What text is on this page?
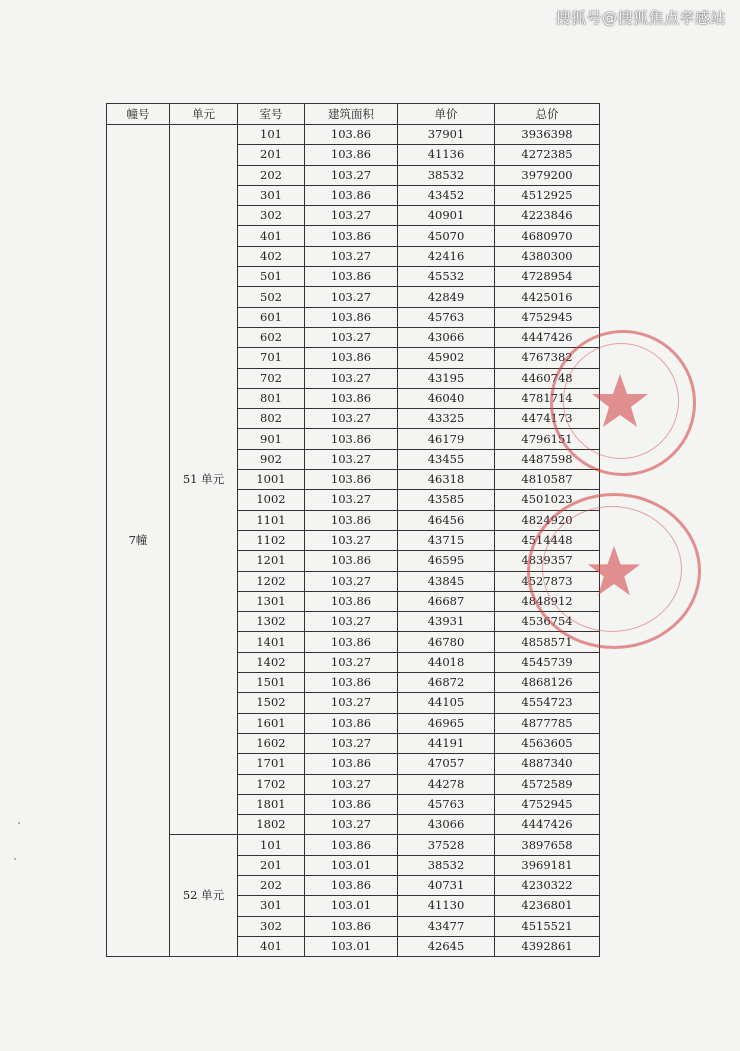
搜狐号@搜狐焦点孝感站
幢号	单元	室号	建筑面积	单价	总价
7幢	51 单元	101	103.86	37901	3936398
		201	103.86	41136	4272385
		202	103.27	38532	3979200
		301	103.86	43452	4512925
		302	103.27	40901	4223846
		401	103.86	45070	4680970
		402	103.27	42416	4380300
		501	103.86	45532	4728954
		502	103.27	42849	4425016
		601	103.86	45763	4752945
		602	103.27	43066	4447426
		701	103.86	45902	4767382
		702	103.27	43195	4460748
		801	103.86	46040	4781714
		802	103.27	43325	4474173
		901	103.86	46179	4796151
		902	103.27	43455	4487598
		1001	103.86	46318	4810587
		1002	103.27	43585	4501023
		1101	103.86	46456	4824920
		1102	103.27	43715	4514448
		1201	103.86	46595	4839357
		1202	103.27	43845	4527873
		1301	103.86	46687	4848912
		1302	103.27	43931	4536754
		1401	103.86	46780	4858571
		1402	103.27	44018	4545739
		1501	103.86	46872	4868126
		1502	103.27	44105	4554723
		1601	103.86	46965	4877785
		1602	103.27	44191	4563605
		1701	103.86	47057	4887340
		1702	103.27	44278	4572589
		1801	103.86	45763	4752945
		1802	103.27	43066	4447426
	52 单元	101	103.86	37528	3897658
		201	103.01	38532	3969181
		202	103.86	40731	4230322
		301	103.01	41130	4236801
		302	103.86	43477	4515521
		401	103.01	42645	4392861
